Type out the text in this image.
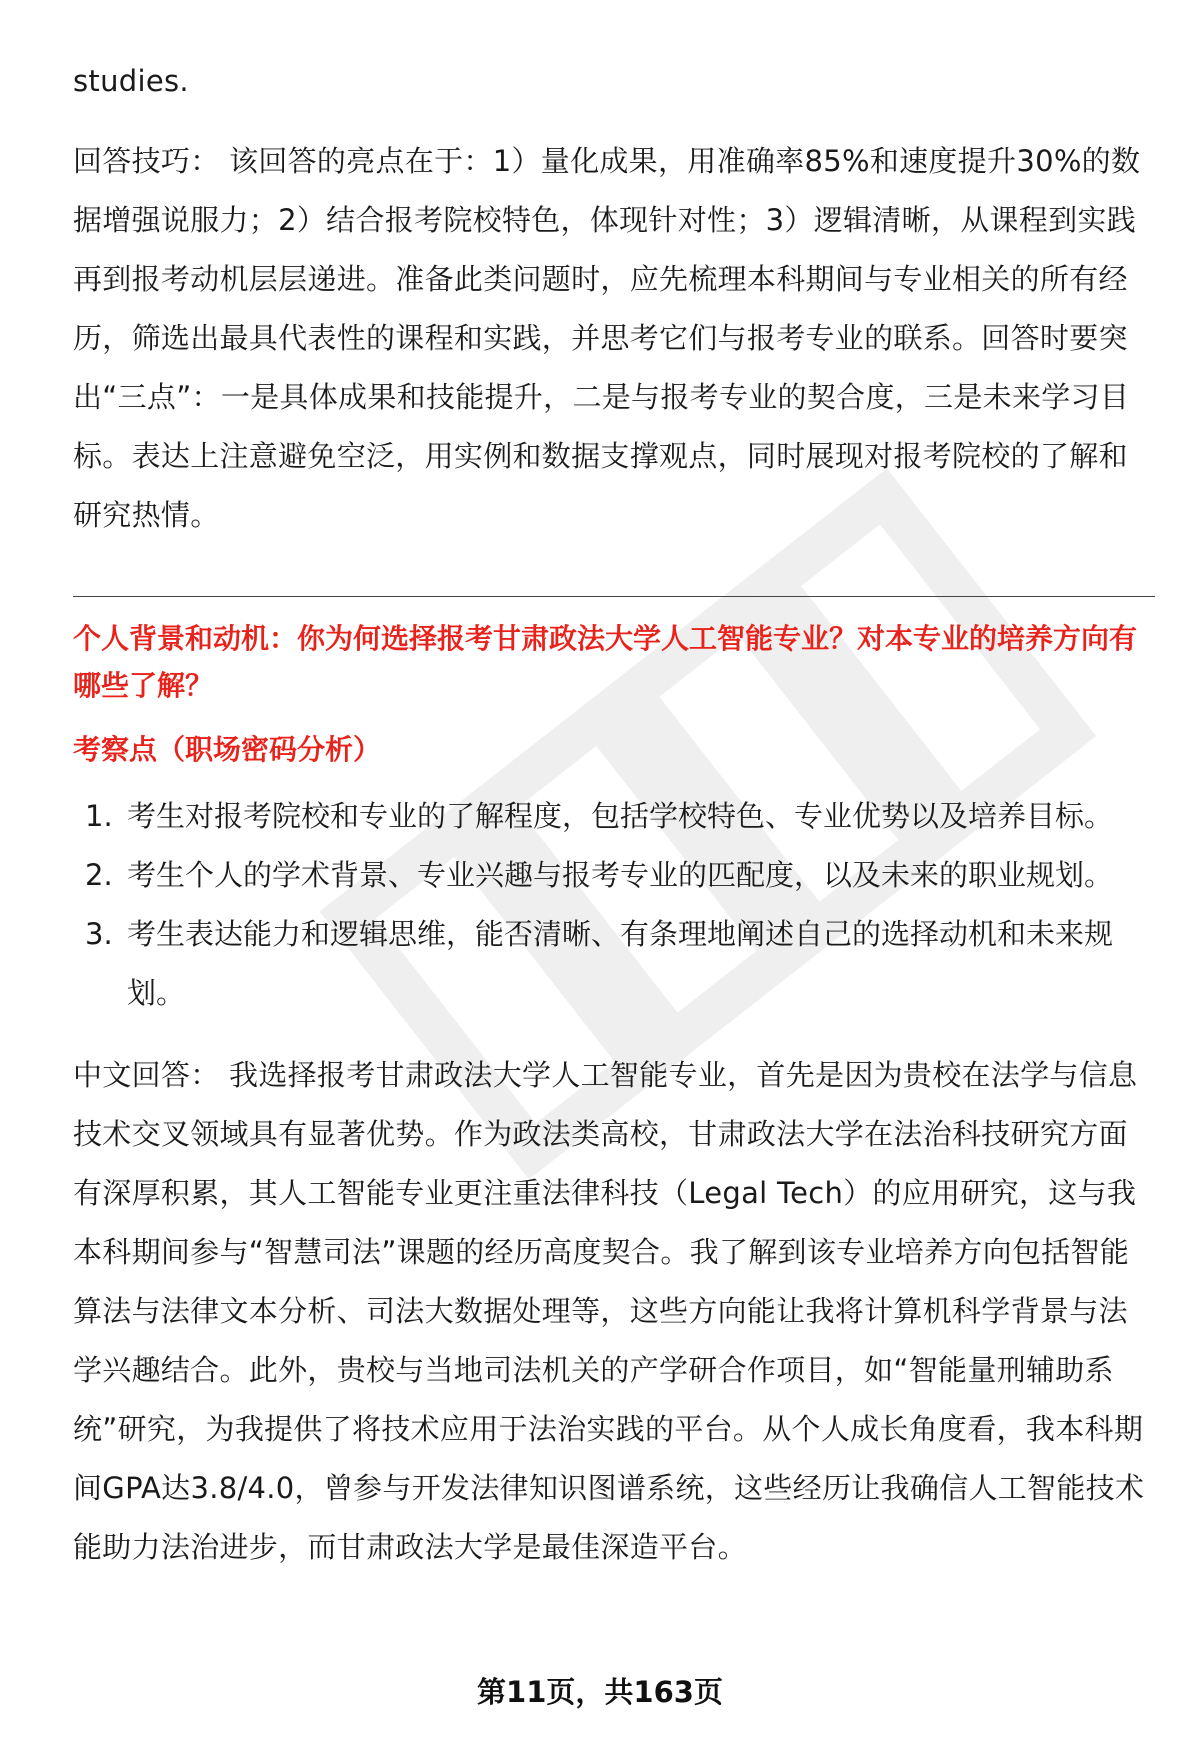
studies.

回答技巧： 该回答的亮点在于：1）量化成果，用准确率85%和速度提升30%的数据增强说服力；2）结合报考院校特色，体现针对性；3）逻辑清晰，从课程到实践再到报考动机层层递进。准备此类问题时，应先梳理本科期间与专业相关的所有经历，筛选出最具代表性的课程和实践，并思考它们与报考专业的联系。回答时要突出“三点”：一是具体成果和技能提升，二是与报考专业的契合度，三是未来学习目标。表达上注意避免空泛，用实例和数据支撑观点，同时展现对报考院校的了解和研究热情。

个人背景和动机：你为何选择报考甘肃政法大学人工智能专业？对本专业的培养方向有哪些了解？
考察点（职场密码分析）
1. 考生对报考院校和专业的了解程度，包括学校特色、专业优势以及培养目标。
2. 考生个人的学术背景、专业兴趣与报考专业的匹配度，以及未来的职业规划。
3. 考生表达能力和逻辑思维，能否清晰、有条理地阐述自己的选择动机和未来规划。

中文回答： 我选择报考甘肃政法大学人工智能专业，首先是因为贵校在法学与信息技术交叉领域具有显著优势。作为政法类高校，甘肃政法大学在法治科技研究方面有深厚积累，其人工智能专业更注重法律科技（Legal Tech）的应用研究，这与我本科期间参与“智慧司法”课题的经历高度契合。我了解到该专业培养方向包括智能算法与法律文本分析、司法大数据处理等，这些方向能让我将计算机科学背景与法学兴趣结合。此外，贵校与当地司法机关的产学研合作项目，如“智能量刑辅助系统”研究，为我提供了将技术应用于法治实践的平台。从个人成长角度看，我本科期间GPA达3.8/4.0，曾参与开发法律知识图谱系统，这些经历让我确信人工智能技术能助力法治进步，而甘肃政法大学是最佳深造平台。

第11页，共163页
